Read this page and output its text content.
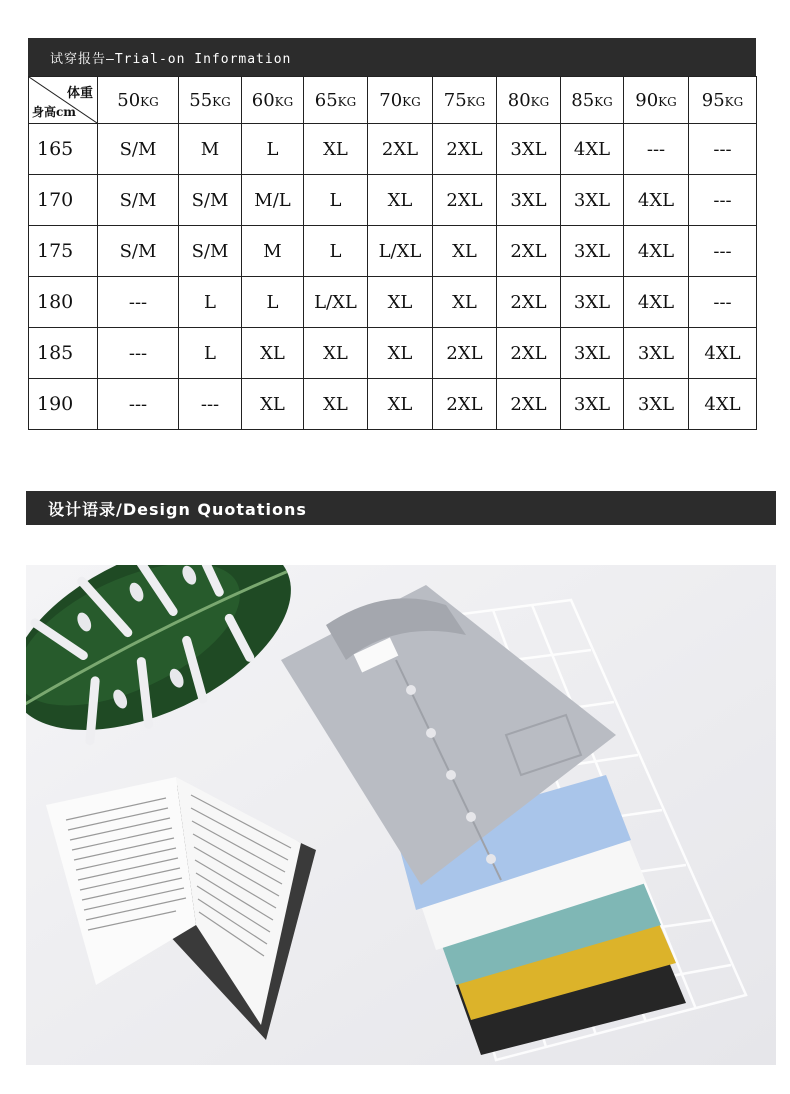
试穿报告—Trial-on Information
体重
身高cm	50KG	55KG	60KG	65KG	70KG	75KG	80KG	85KG	90KG	95KG
165	S/M	M	L	XL	2XL	2XL	3XL	4XL	---	---
170	S/M	S/M	M/L	L	XL	2XL	3XL	3XL	4XL	---
175	S/M	S/M	M	L	L/XL	XL	2XL	3XL	4XL	---
180	---	L	L	L/XL	XL	XL	2XL	3XL	4XL	---
185	---	L	XL	XL	XL	2XL	2XL	3XL	3XL	4XL
190	---	---	XL	XL	XL	2XL	2XL	3XL	3XL	4XL
设计语录/Design Quotations
